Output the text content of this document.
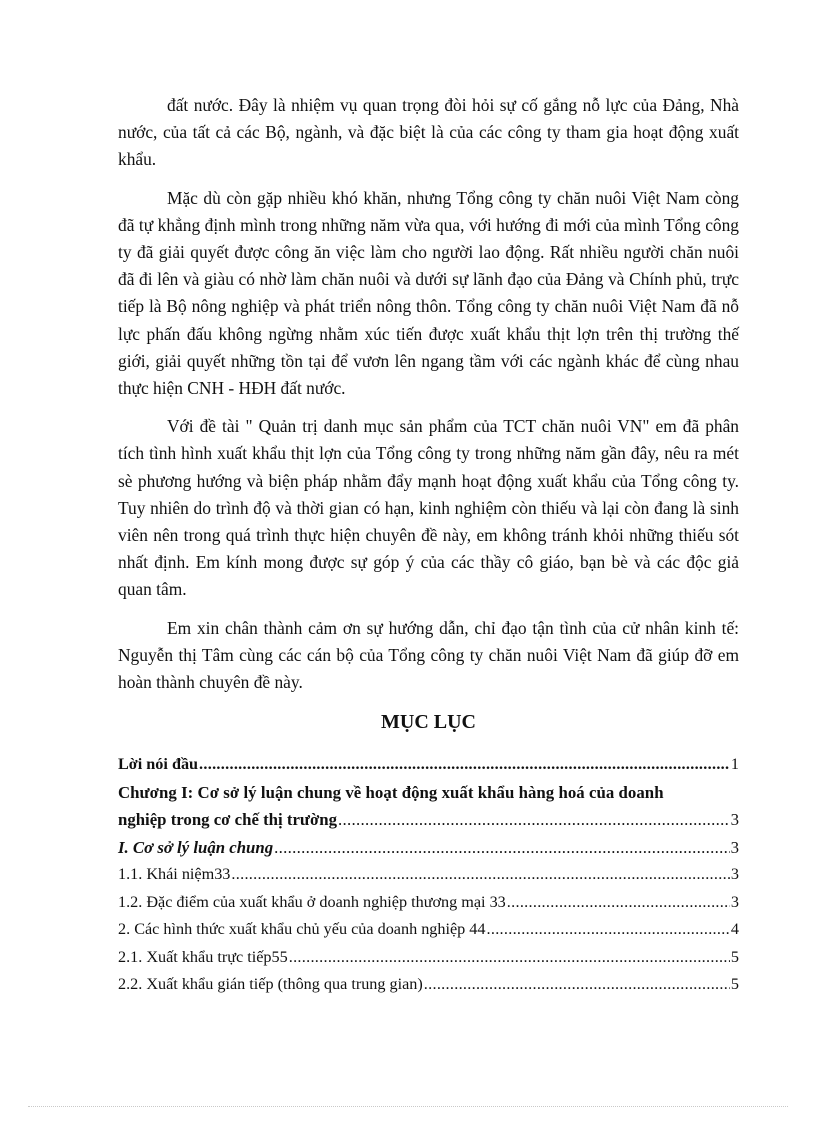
đất nước. Đây là nhiệm vụ quan trọng đòi hỏi sự cố gắng nỗ lực của Đảng, Nhà nước, của tất cả các Bộ, ngành, và đặc biệt là của các công ty tham gia hoạt động xuất khẩu.

Mặc dù còn gặp nhiều khó khăn, nhưng Tổng công ty chăn nuôi Việt Nam còng đã tự khẳng định mình trong những năm vừa qua, với hướng đi mới của mình Tổng công ty đã giải quyết được công ăn việc làm cho người lao động. Rất nhiều người chăn nuôi đã đi lên và giàu có nhờ làm chăn nuôi và dưới sự lãnh đạo của Đảng và Chính phủ, trực tiếp là Bộ nông nghiệp và phát triển nông thôn. Tổng công ty chăn nuôi Việt Nam đã nỗ lực phấn đấu không ngừng nhằm xúc tiến được xuất khẩu thịt lợn trên thị trường thế giới, giải quyết những tồn tại để vươn lên ngang tầm với các ngành khác để cùng nhau thực hiện CNH - HĐH đất nước.

Với đề tài " Quản trị danh mục sản phẩm của TCT chăn nuôi VN" em đã phân tích tình hình xuất khẩu thịt lợn của Tổng công ty trong những năm gần đây, nêu ra mét sè phương hướng và biện pháp nhằm đẩy mạnh hoạt động xuất khẩu của Tổng công ty. Tuy nhiên do trình độ và thời gian có hạn, kinh nghiệm còn thiếu và lại còn đang là sinh viên nên trong quá trình thực hiện chuyên đề này, em không tránh khỏi những thiếu sót nhất định. Em kính mong được sự góp ý của các thầy cô giáo, bạn bè và các độc giả quan tâm.

Em xin chân thành cảm ơn sự hướng dẫn, chỉ đạo tận tình của cử nhân kinh tế: Nguyễn thị Tâm cùng các cán bộ của Tổng công ty chăn nuôi Việt Nam đã giúp đỡ em hoàn thành chuyên đề này.

MỤC LỤC
Lời nói đầu .....	1
Chương I: Cơ sở lý luận chung về hoạt động xuất khẩu hàng hoá của doanh
nghiệp trong cơ chế thị trường .....	3
I. Cơ sở lý luận chung .....	3
1.1. Khái niệm33 .....	3
1.2. Đặc điểm của xuất khẩu ở doanh nghiệp thương mại 33 .....	3
2. Các hình thức xuất khẩu chủ yếu của doanh nghiệp 44 .....	4
2.1. Xuất khẩu trực tiếp55 .....	5
2.2. Xuất khẩu gián tiếp (thông qua trung gian) .....	5
